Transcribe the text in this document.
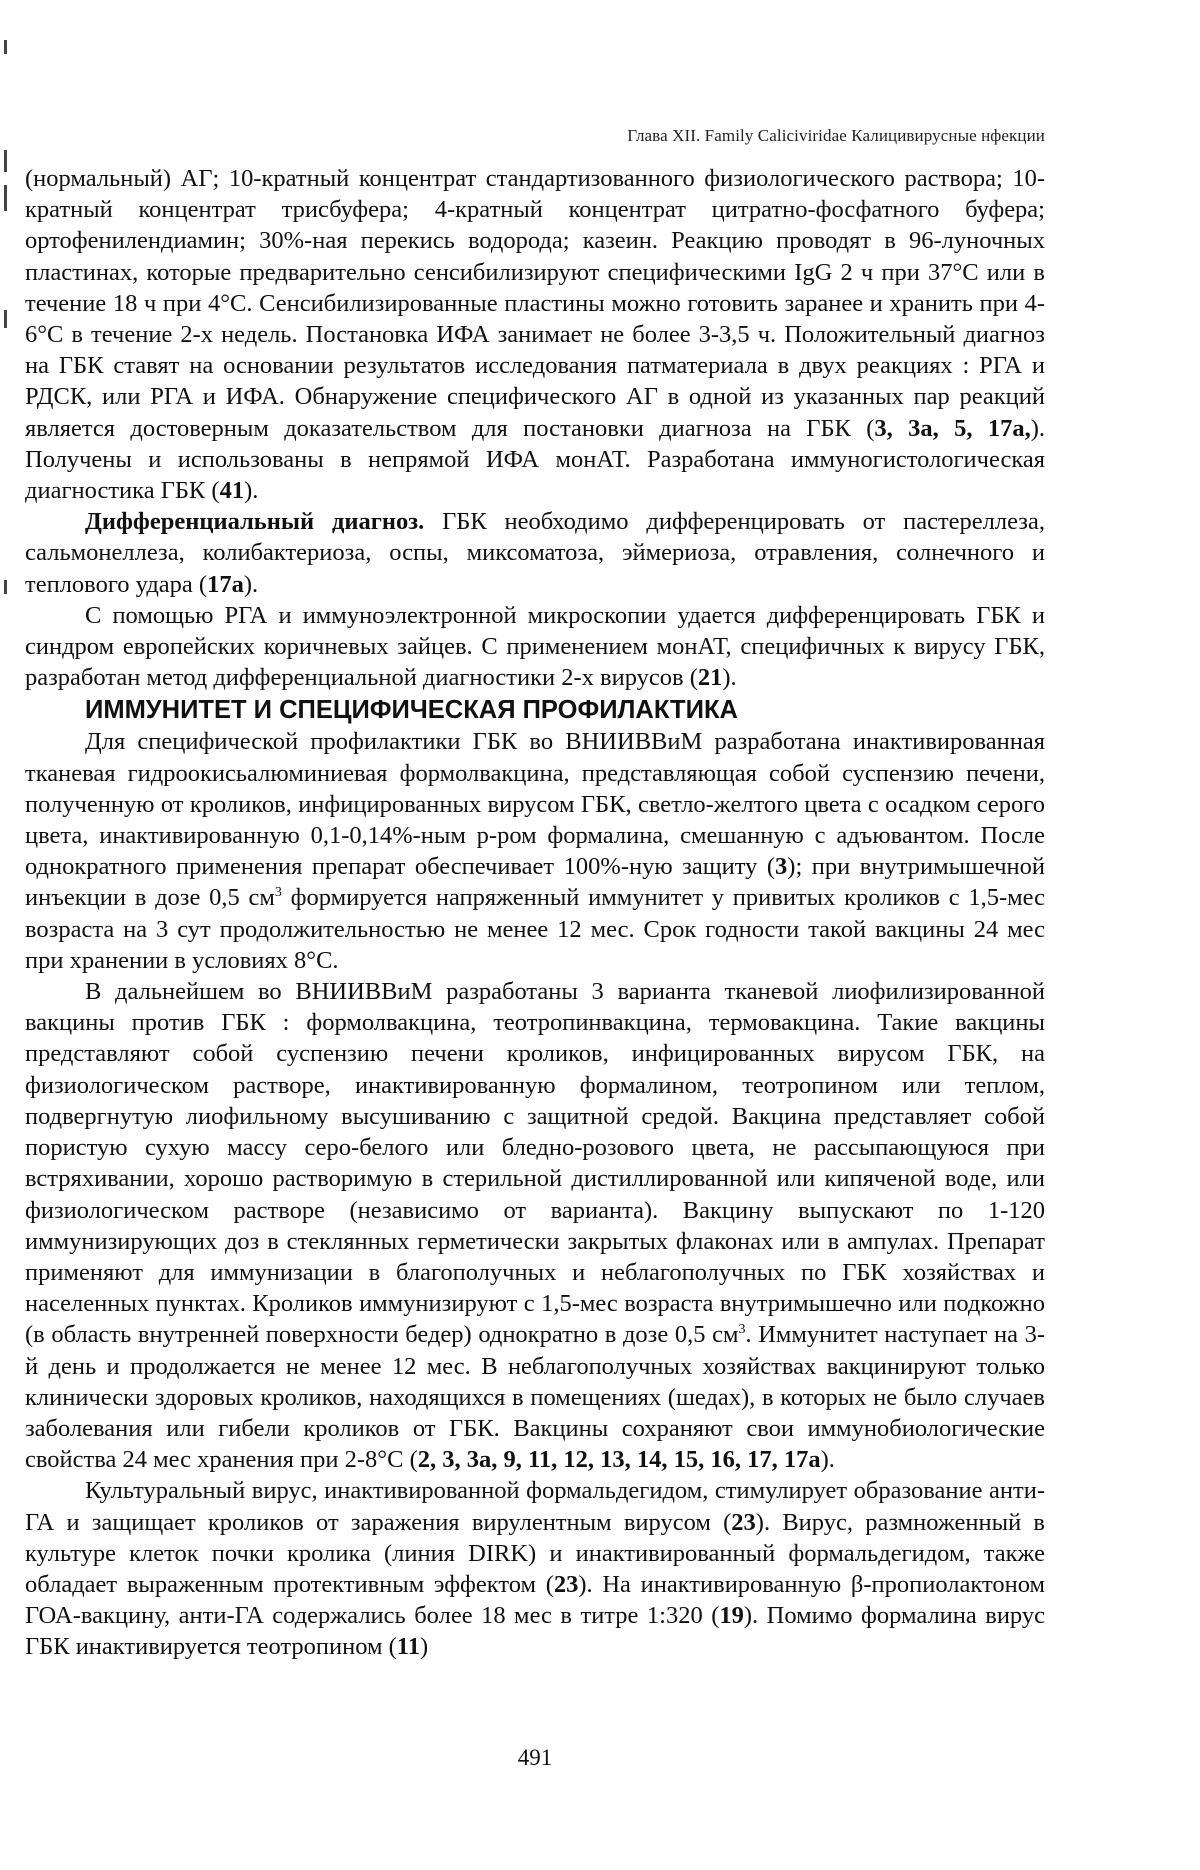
Глава XII. Family Caliciviridae Калицивирусные нфекции

(нормальный) АГ; 10-кратный концентрат стандартизованного физиологического раствора; 10-кратный концентрат трисбуфера; 4-кратный концентрат цитратно-фосфатного буфера; ортофенилендиамин; 30%-ная перекись водорода; казеин. Реакцию проводят в 96-луночных пластинах, которые предварительно сенсибилизируют специфическими IgG 2 ч при 37°С или в течение 18 ч при 4°С. Сенсибилизированные пластины можно готовить заранее и хранить при 4-6°С в течение 2-х недель. Постановка ИФА занимает не более 3-3,5 ч. Положительный диагноз на ГБК ставят на основании результатов исследования патматериала в двух реакциях : РГА и РДСК, или РГА и ИФА. Обнаружение специфического АГ в одной из указанных пар реакций является достоверным доказательством для постановки диагноза на ГБК (3, 3а, 5, 17а,). Получены и использованы в непрямой ИФА монАТ. Разработана иммуногистологическая диагностика ГБК (41).

Дифференциальный диагноз. ГБК необходимо дифференцировать от пастереллеза, сальмонеллеза, колибактериоза, оспы, миксоматоза, эймериоза, отравления, солнечного и теплового удара (17а).

С помощью РГА и иммуноэлектронной микроскопии удается дифференцировать ГБК и синдром европейских коричневых зайцев. С применением монАТ, специфичных к вирусу ГБК, разработан метод дифференциальной диагностики 2-х вирусов (21).

ИММУНИТЕТ И СПЕЦИФИЧЕСКАЯ ПРОФИЛАКТИКА

Для специфической профилактики ГБК во ВНИИВВиМ разработана инактивированная тканевая гидроокисьалюминиевая формолвакцина, представляющая собой суспензию печени, полученную от кроликов, инфицированных вирусом ГБК, светло-желтого цвета с осадком серого цвета, инактивированную 0,1-0,14%-ным р-ром формалина, смешанную с адъювантом. После однократного применения препарат обеспечивает 100%-ную защиту (3); при внутримышечной инъекции в дозе 0,5 $см^3$ формируется напряженный иммунитет у привитых кроликов с 1,5-мес возраста на 3 сут продолжительностью не менее 12 мес. Срок годности такой вакцины 24 мес при хранении в условиях 8°С.

В дальнейшем во ВНИИВВиМ разработаны 3 варианта тканевой лиофилизированной вакцины против ГБК : формолвакцина, теотропинвакцина, термовакцина. Такие вакцины представляют собой суспензию печени кроликов, инфицированных вирусом ГБК, на физиологическом растворе, инактивированную формалином, теотропином или теплом, подвергнутую лиофильному высушиванию с защитной средой. Вакцина представляет собой пористую сухую массу серо-белого или бледно-розового цвета, не рассыпающуюся при встряхивании, хорошо растворимую в стерильной дистиллированной или кипяченой воде, или физиологическом растворе (независимо от варианта). Вакцину выпускают по 1-120 иммунизирующих доз в стеклянных герметически закрытых флаконах или в ампулах. Препарат применяют для иммунизации в благополучных и неблагополучных по ГБК хозяйствах и населенных пунктах. Кроликов иммунизируют с 1,5-мес возраста внутримышечно или подкожно (в область внутренней поверхности бедер) однократно в дозе 0,5 $см^3$. Иммунитет наступает на 3-й день и продолжается не менее 12 мес. В неблагополучных хозяйствах вакцинируют только клинически здоровых кроликов, находящихся в помещениях (шедах), в которых не было случаев заболевания или гибели кроликов от ГБК. Вакцины сохраняют свои иммунобиологические свойства 24 мес хранения при 2-8°С (2, 3, 3а, 9, 11, 12, 13, 14, 15, 16, 17, 17а).

Культуральный вирус, инактивированной формальдегидом, стимулирует образование анти-ГА и защищает кроликов от заражения вирулентным вирусом (23). Вирус, размноженный в культуре клеток почки кролика (линия DIRK) и инактивированный формальдегидом, также обладает выраженным протективным эффектом (23). На инактивированную β-пропиолактоном ГОА-вакцину, анти-ГА содержались более 18 мес в титре 1:320 (19). Помимо формалина вирус ГБК инактивируется теотропином (11)

491
